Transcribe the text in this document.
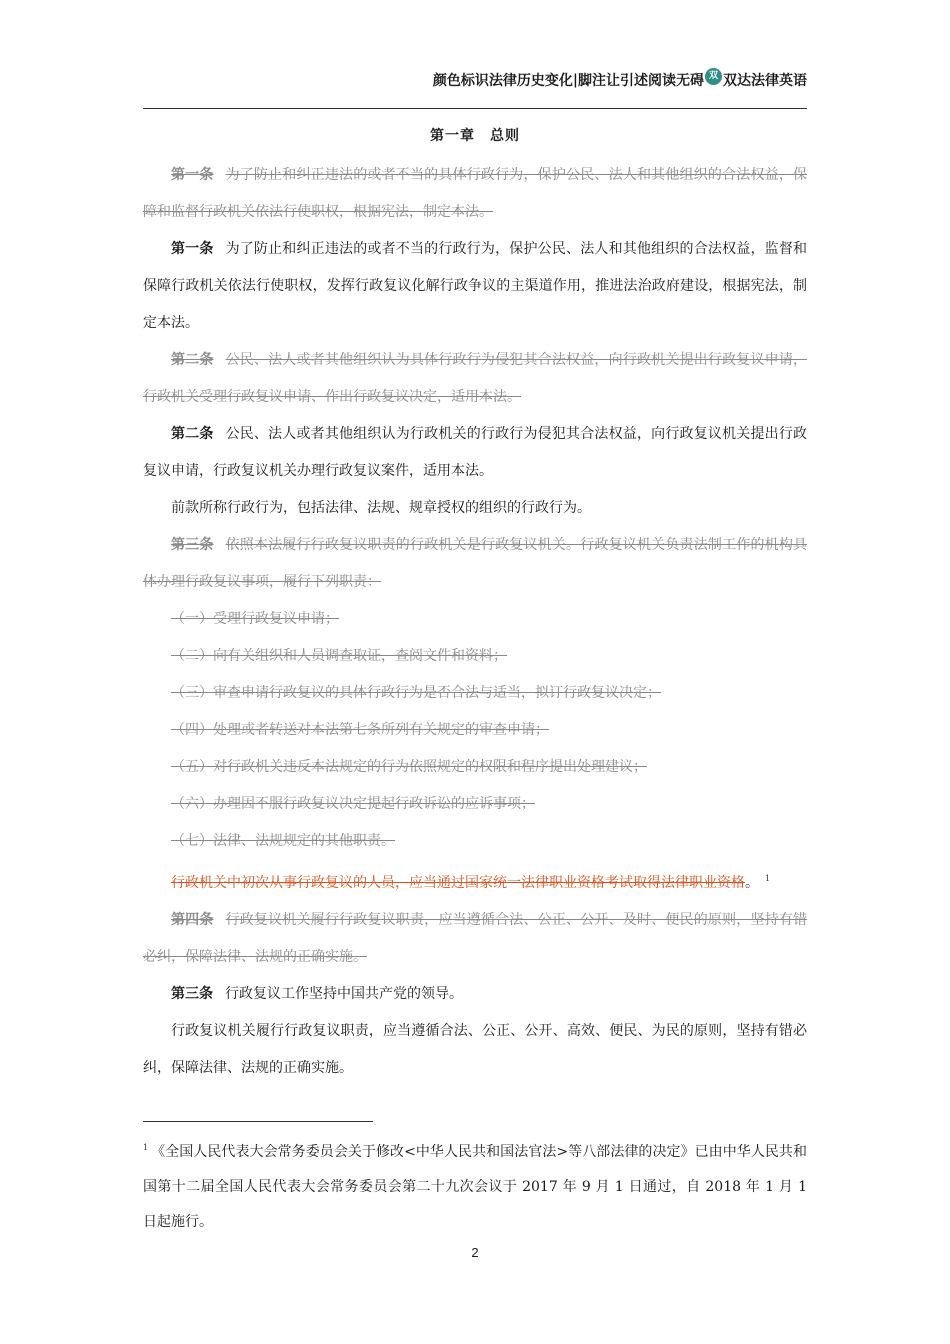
颜色标识法律历史变化 | 脚注让引述阅读无碍 双 双达法律英语
第一章　总则

第一条 为了防止和纠正违法的或者不当的具体行政行为，保护公民、法人和其他组织的合法权益，保障和监督行政机关依法行使职权，根据宪法，制定本法。

第一条 为了防止和纠正违法的或者不当的行政行为，保护公民、法人和其他组织的合法权益，监督和保障行政机关依法行使职权，发挥行政复议化解行政争议的主渠道作用，推进法治政府建设，根据宪法，制定本法。

第二条 公民、法人或者其他组织认为具体行政行为侵犯其合法权益，向行政机关提出行政复议申请，行政机关受理行政复议申请、作出行政复议决定，适用本法。

第二条 公民、法人或者其他组织认为行政机关的行政行为侵犯其合法权益，向行政复议机关提出行政复议申请，行政复议机关办理行政复议案件，适用本法。

前款所称行政行为，包括法律、法规、规章授权的组织的行政行为。

第三条 依照本法履行行政复议职责的行政机关是行政复议机关。行政复议机关负责法制工作的机构具体办理行政复议事项，履行下列职责：

（一）受理行政复议申请；

（二）向有关组织和人员调查取证，查阅文件和资料；

（三）审查申请行政复议的具体行政行为是否合法与适当，拟订行政复议决定；

（四）处理或者转送对本法第七条所列有关规定的审查申请；

（五）对行政机关违反本法规定的行为依照规定的权限和程序提出处理建议；

（六）办理因不服行政复议决定提起行政诉讼的应诉事项；

（七）法律、法规规定的其他职责。

行政机关中初次从事行政复议的人员，应当通过国家统一法律职业资格考试取得法律职业资格。 $^1$

第四条 行政复议机关履行行政复议职责，应当遵循合法、公正、公开、及时、便民的原则，坚持有错必纠，保障法律、法规的正确实施。

第三条 行政复议工作坚持中国共产党的领导。

行政复议机关履行行政复议职责，应当遵循合法、公正、公开、高效、便民、为民的原则，坚持有错必纠，保障法律、法规的正确实施。

$^1$ 《全国人民代表大会常务委员会关于修改<中华人民共和国法官法>等八部法律的决定》已由中华人民共和国第十二届全国人民代表大会常务委员会第二十九次会议于 2017 年 9 月 1 日通过，自 2018 年 1 月 1 日起施行。
2
